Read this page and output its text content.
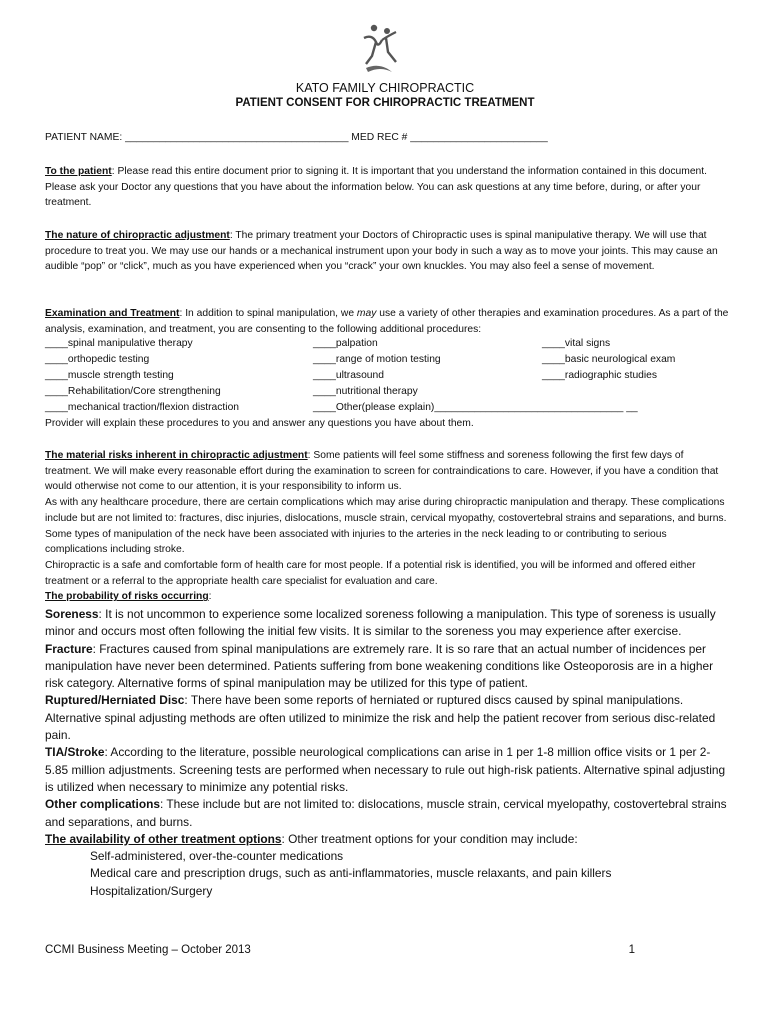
KATO FAMILY CHIROPRACTIC
PATIENT CONSENT FOR CHIROPRACTIC TREATMENT
PATIENT NAME: _______________________________________ MED REC # ________________________
To the patient: Please read this entire document prior to signing it. It is important that you understand the information contained in this document. Please ask your Doctor any questions that you have about the information below. You can ask questions at any time before, during, or after your treatment.
The nature of chiropractic adjustment: The primary treatment your Doctors of Chiropractic uses is spinal manipulative therapy. We will use that procedure to treat you. We may use our hands or a mechanical instrument upon your body in such a way as to move your joints. This may cause an audible “pop” or “click”, much as you have experienced when you “crack” your own knuckles. You may also feel a sense of movement.
Examination and Treatment: In addition to spinal manipulation, we may use a variety of other therapies and examination procedures. As a part of the analysis, examination, and treatment, you are consenting to the following additional procedures:
____spinal manipulative therapy	____palpation	____vital signs
____orthopedic testing	____range of motion testing	____basic neurological exam
____muscle strength testing	____ultrasound	____radiographic studies
____Rehabilitation/Core strengthening	____nutritional therapy
____mechanical traction/flexion distraction	____Other(please explain)_________________________________ __
Provider will explain these procedures to you and answer any questions you have about them.
The material risks inherent in chiropractic adjustment: Some patients will feel some stiffness and soreness following the first few days of treatment. We will make every reasonable effort during the examination to screen for contraindications to care. However, if you have a condition that would otherwise not come to our attention, it is your responsibility to inform us.
As with any healthcare procedure, there are certain complications which may arise during chiropractic manipulation and therapy. These complications include but are not limited to: fractures, disc injuries, dislocations, muscle strain, cervical myopathy, costovertebral strains and separations, and burns. Some types of manipulation of the neck have been associated with injuries to the arteries in the neck leading to or contributing to serious complications including stroke.
Chiropractic is a safe and comfortable form of health care for most people. If a potential risk is identified, you will be informed and offered either treatment or a referral to the appropriate health care specialist for evaluation and care.
The probability of risks occurring:
Soreness: It is not uncommon to experience some localized soreness following a manipulation. This type of soreness is usually minor and occurs most often following the initial few visits. It is similar to the soreness you may experience after exercise.
Fracture: Fractures caused from spinal manipulations are extremely rare. It is so rare that an actual number of incidences per manipulation have never been determined. Patients suffering from bone weakening conditions like Osteoporosis are in a higher risk category. Alternative forms of spinal manipulation may be utilized for this type of patient.
Ruptured/Herniated Disc: There have been some reports of herniated or ruptured discs caused by spinal manipulations. Alternative spinal adjusting methods are often utilized to minimize the risk and help the patient recover from serious disc-related pain.
TIA/Stroke: According to the literature, possible neurological complications can arise in 1 per 1-8 million office visits or 1 per 2-5.85 million adjustments. Screening tests are performed when necessary to rule out high-risk patients. Alternative spinal adjusting is utilized when necessary to minimize any potential risks.
Other complications: These include but are not limited to: dislocations, muscle strain, cervical myelopathy, costovertebral strains and separations, and burns.
The availability of other treatment options: Other treatment options for your condition may include:
Self-administered, over-the-counter medications
Medical care and prescription drugs, such as anti-inflammatories, muscle relaxants, and pain killers
Hospitalization/Surgery
CCMI Business Meeting – October 2013	1
